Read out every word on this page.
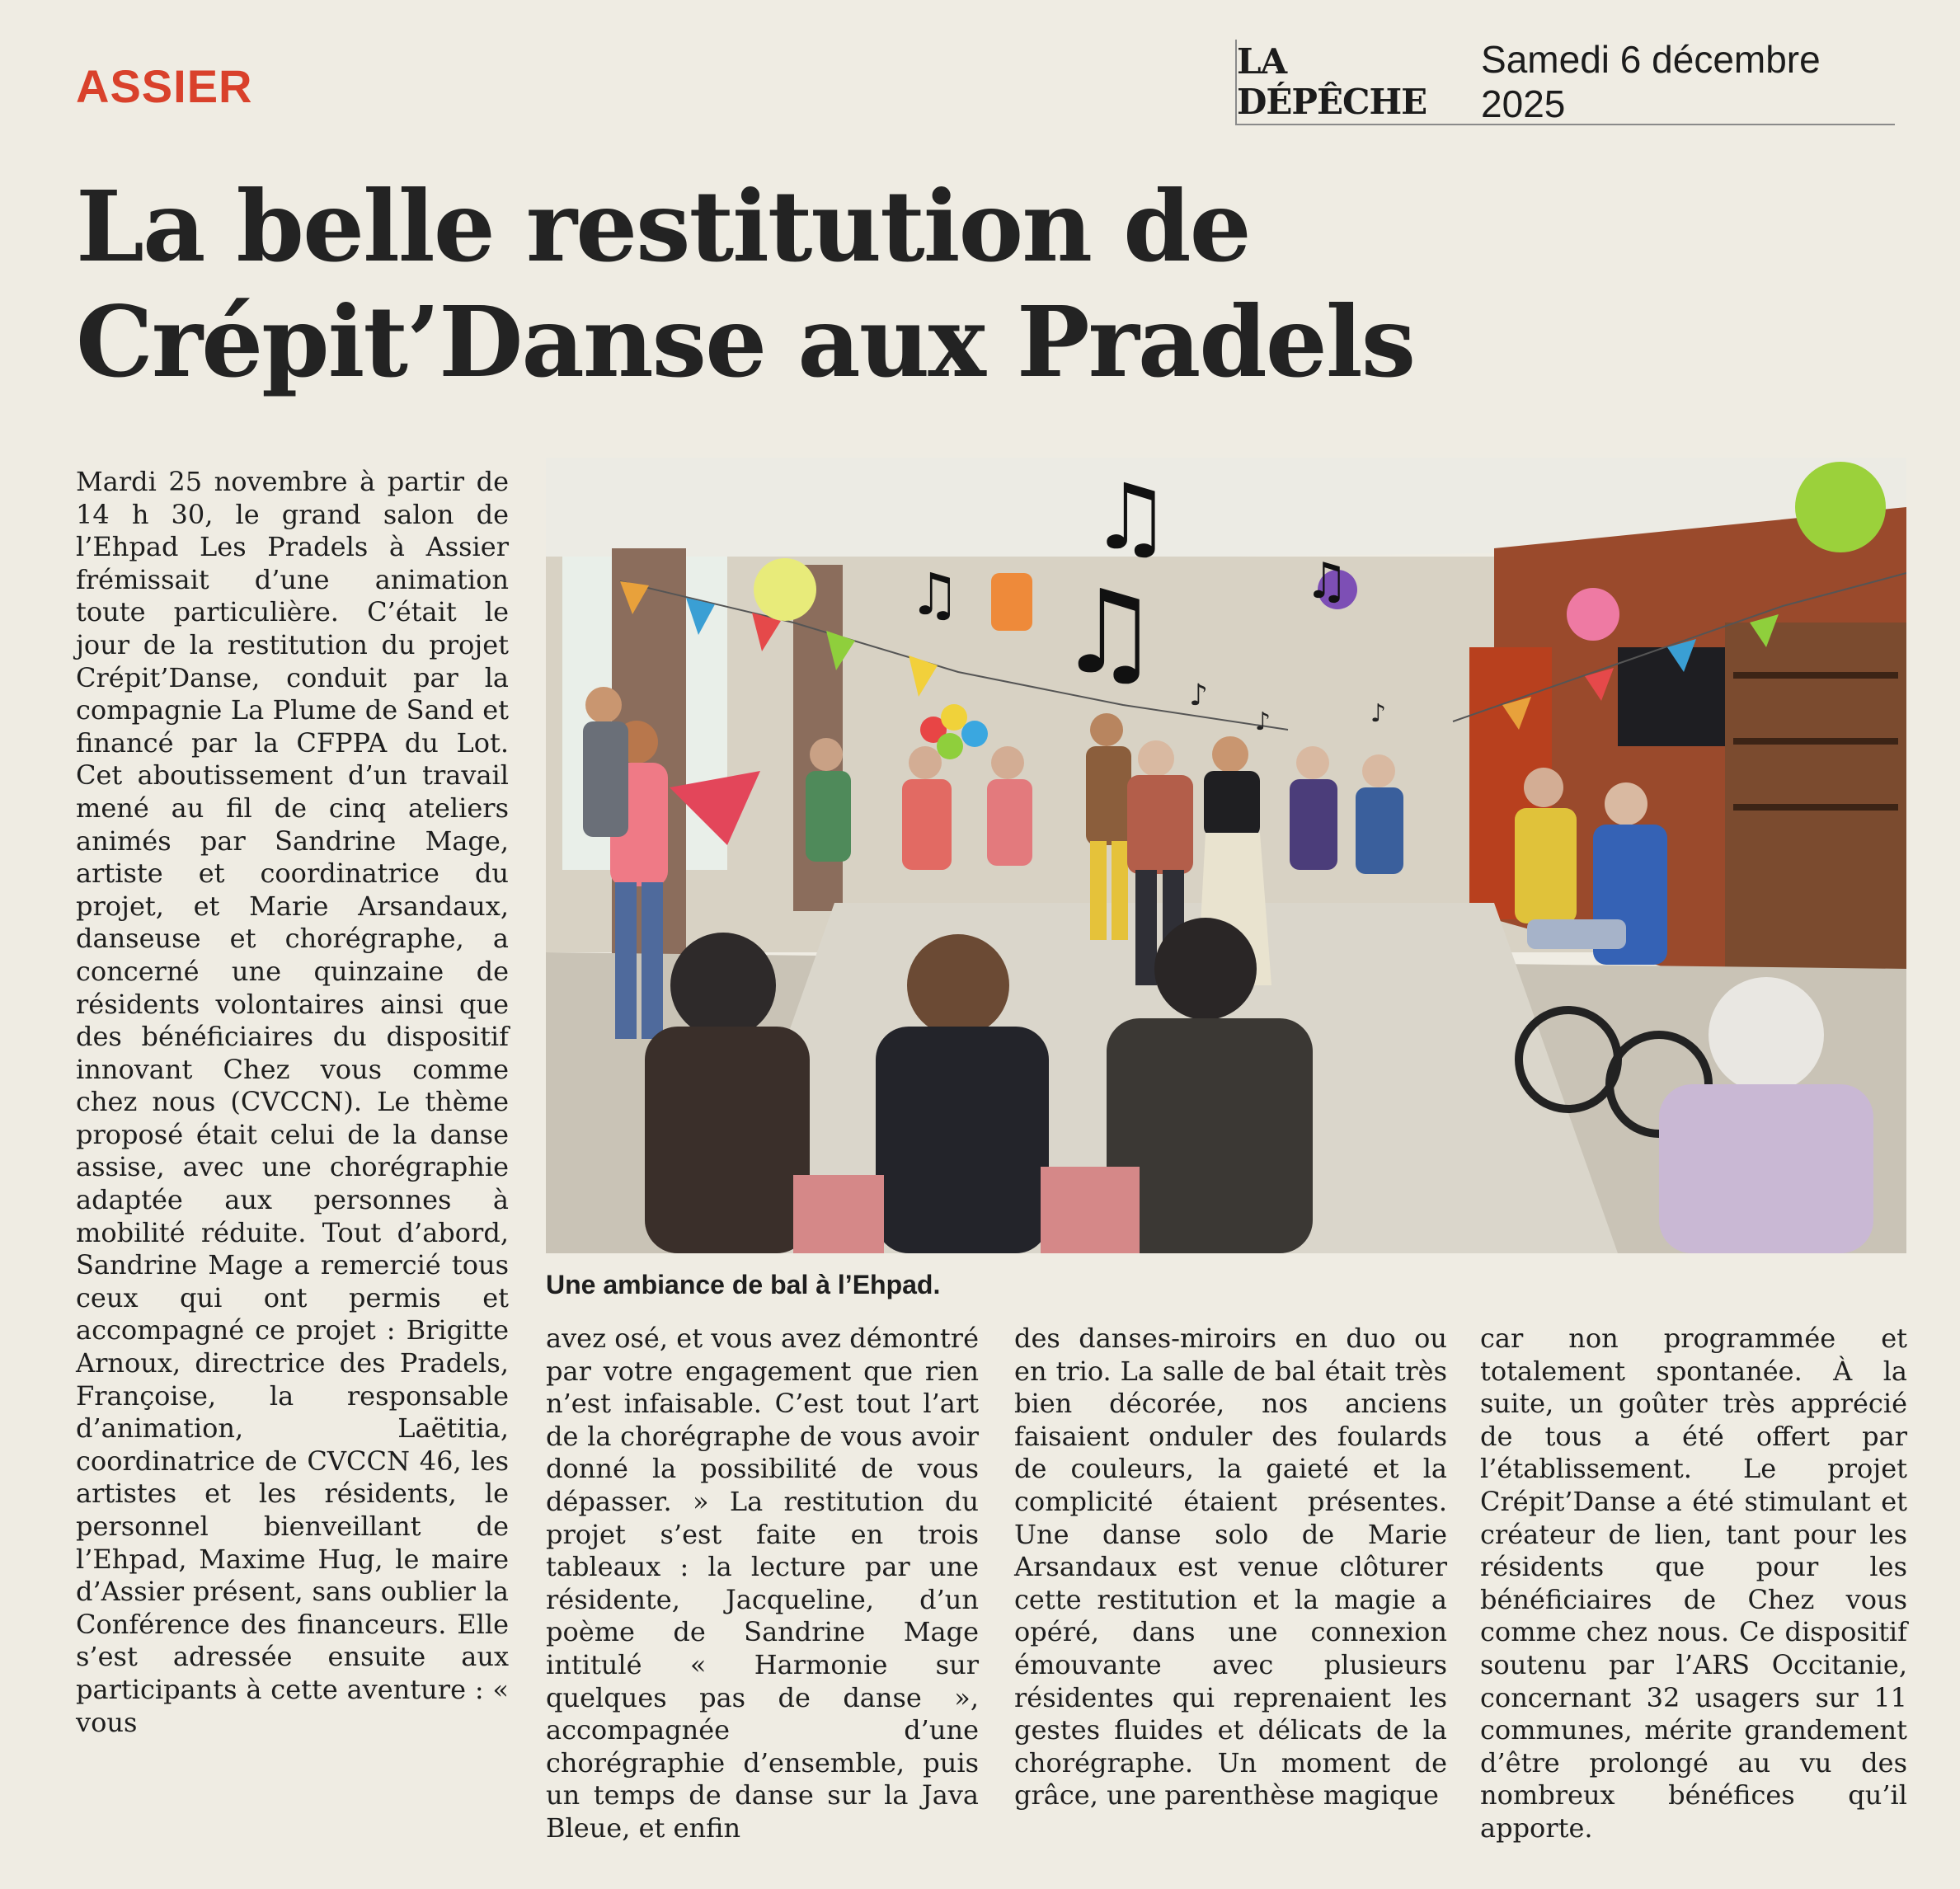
ASSIER	LA DÉPÊCHE
Samedi 6 décembre 2025
La belle restitution de Crépit’Danse aux Pradels
Mardi 25 novembre à partir de 14 h 30, le grand salon de l’Ehpad Les Pradels à Assier frémissait d’une animation toute particulière. C’était le jour de la restitution du projet Crépit’Danse, conduit par la compagnie La Plume de Sand et financé par la CFPPA du Lot. Cet aboutissement d’un travail mené au fil de cinq ateliers animés par Sandrine Mage, artiste et coordinatrice du projet, et Marie Arsandaux, danseuse et chorégraphe, a concerné une quinzaine de résidents volontaires ainsi que des bénéficiaires du dispositif innovant Chez vous comme chez nous (CVCCN). Le thème proposé était celui de la danse assise, avec une chorégraphie adaptée aux personnes à mobilité réduite. Tout d’abord, Sandrine Mage a remercié tous ceux qui ont permis et accompagné ce projet : Brigitte Arnoux, directrice des Pradels, Françoise, la responsable d’animation, Laëtitia, coordinatrice de CVCCN 46, les artistes et les résidents, le personnel bienveillant de l’Ehpad, Maxime Hug, le maire d’Assier présent, sans oublier la Conférence des financeurs. Elle s’est adressée ensuite aux participants à cette aventure : « vous
♫
♫ ♫	♫
♪
♪	♪
Une ambiance de bal à l’Ehpad.
avez osé, et vous avez démontré par votre engagement que rien n’est infaisable. C’est tout l’art de la chorégraphe de vous avoir donné la possibilité de vous dépasser. » La restitution du projet s’est faite en trois tableaux : la lecture par une résidente, Jacqueline, d’un poème de Sandrine Mage intitulé « Harmonie sur quelques pas de danse », accompagnée d’une chorégraphie d’ensemble, puis un temps de danse sur la Java Bleue, et enfin
des danses-miroirs en duo ou en trio. La salle de bal était très bien décorée, nos anciens faisaient onduler des foulards de couleurs, la gaieté et la complicité étaient présentes. Une danse solo de Marie Arsandaux est venue clôturer cette restitution et la magie a opéré, dans une connexion émouvante avec plusieurs résidentes qui reprenaient les gestes fluides et délicats de la chorégraphe. Un moment de grâce, une parenthèse magique
car non programmée et totalement spontanée. À la suite, un goûter très apprécié de tous a été offert par l’établissement. Le projet Crépit’Danse a été stimulant et créateur de lien, tant pour les résidents que pour les bénéficiaires de Chez vous comme chez nous. Ce dispositif soutenu par l’ARS Occitanie, concernant 32 usagers sur 11 communes, mérite grandement d’être prolongé au vu des nombreux bénéfices qu’il apporte.
